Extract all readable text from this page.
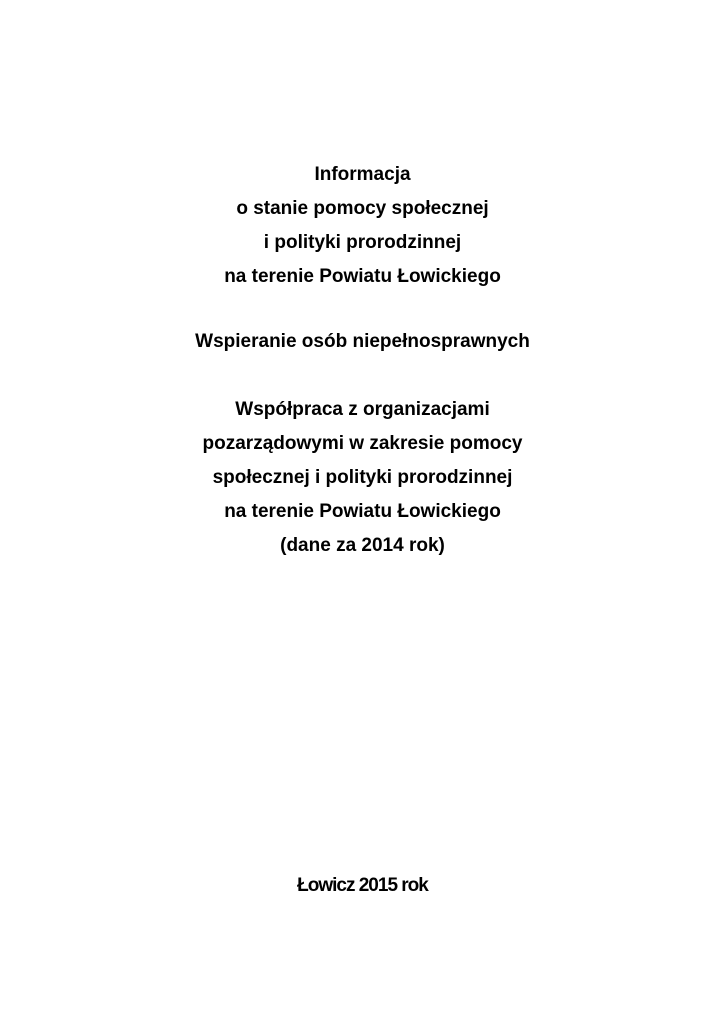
Informacja
o stanie pomocy społecznej
i polityki prorodzinnej
na terenie Powiatu Łowickiego
Wspieranie osób niepełnosprawnych
Współpraca z organizacjami
pozarządowymi w zakresie pomocy
społecznej i polityki prorodzinnej
na terenie Powiatu Łowickiego
(dane za 2014 rok)
Łowicz 2015 rok
